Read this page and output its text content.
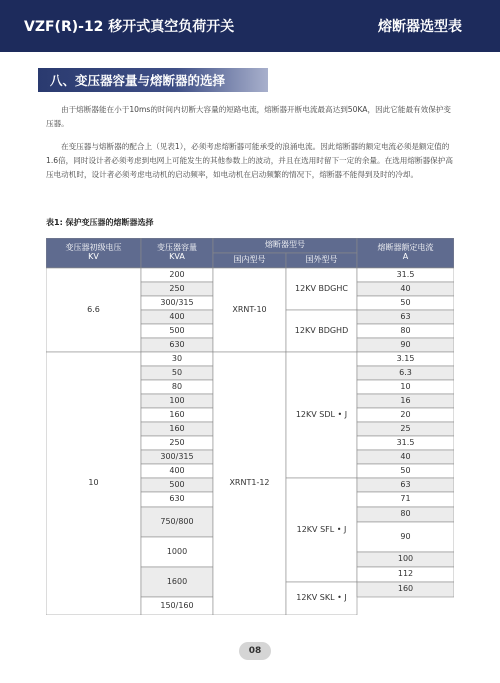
VZF(R)-12 移开式真空负荷开关	熔断器选型表
八、变压器容量与熔断器的选择

由于熔断器能在小于10ms的时间内切断大容量的短路电流，熔断器开断电流最高达到50KA，因此它能最有效保护变压器。

在变压器与熔断器的配合上（见表1），必须考虑熔断器可能承受的浪涌电流。因此熔断器的额定电流必须是额定值的1.6倍，同时设计者必须考虑到电网上可能发生的其他参数上的波动，并且在选用时留下一定的余量。在选用熔断器保护高压电动机时，设计者必须考虑电动机的启动频率，如电动机在启动频繁的情况下，熔断器不能得到及时的冷却。

表1: 保护变压器的熔断器选择
变压器初级电压
KV
变压器容量
KVA
熔断器型号
国内型号	国外型号
熔断器额定电流
A
6.6
10
200
250
300/315
400
500
630
30
50
80
100
160
160
250
300/315
400
500
630
750/800
1000
1600
150/160
XRNT-10
XRNT1-12
12KV BDGHC
12KV BDGHD
12KV SDL • J
12KV SFL • J
12KV SKL • J
31.5
40
50
63
80
90
3.15
6.3
10
16
20
25
31.5
40
50
63
71
80
90
100
112
160
08
